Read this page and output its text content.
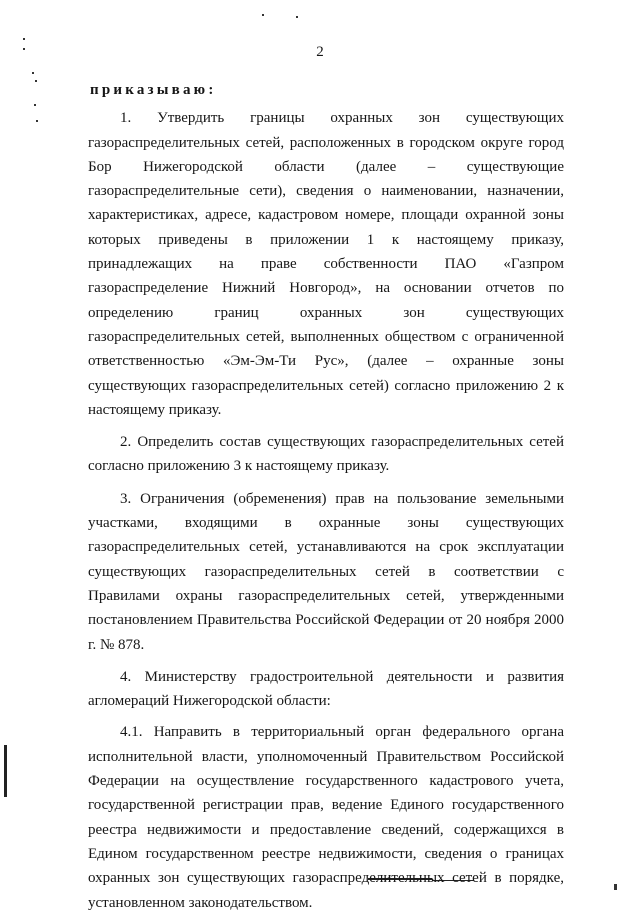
2

приказываю:

1. Утвердить границы охранных зон существующих газораспределительных сетей, расположенных в городском округе город Бор Нижегородской области (далее – существующие газораспределительные сети), сведения о наименовании, назначении, характеристиках, адресе, кадастровом номере, площади охранной зоны которых приведены в приложении 1 к настоящему приказу, принадлежащих на праве собственности ПАО «Газпром газораспределение Нижний Новгород», на основании отчетов по определению границ охранных зон существующих газораспределительных сетей, выполненных обществом с ограниченной ответственностью «Эм-Эм-Ти Рус», (далее – охранные зоны существующих газораспределительных сетей) согласно приложению 2 к настоящему приказу.

2. Определить состав существующих газораспределительных сетей согласно приложению 3 к настоящему приказу.

3. Ограничения (обременения) прав на пользование земельными участками, входящими в охранные зоны существующих газораспределительных сетей, устанавливаются на срок эксплуатации существующих газораспределительных сетей в соответствии с Правилами охраны газораспределительных сетей, утвержденными постановлением Правительства Российской Федерации от 20 ноября 2000 г. № 878.

4. Министерству градостроительной деятельности и развития агломераций Нижегородской области:

4.1. Направить в территориальный орган федерального органа исполнительной власти, уполномоченный Правительством Российской Федерации на осуществление государственного кадастрового учета, государственной регистрации прав, ведение Единого государственного реестра недвижимости и предоставление сведений, содержащихся в Едином государственном реестре недвижимости, сведения о границах охранных зон существующих газораспределительных сетей в порядке, установленном законодательством.
